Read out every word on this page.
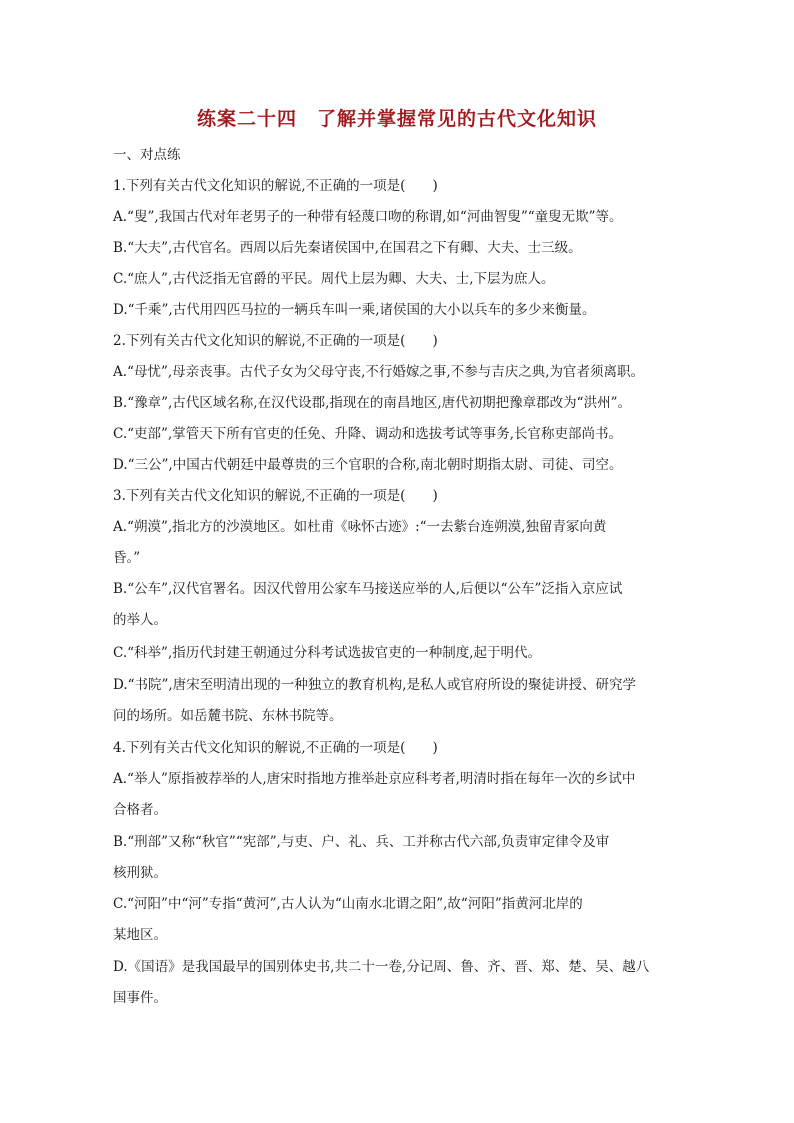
练案二十四　了解并掌握常见的古代文化知识
一、对点练
1.下列有关古代文化知识的解说,不正确的一项是(　　)
A.“叟”,我国古代对年老男子的一种带有轻蔑口吻的称谓,如“河曲智叟”“童叟无欺”等。
B.“大夫”,古代官名。西周以后先秦诸侯国中,在国君之下有卿、大夫、士三级。
C.“庶人”,古代泛指无官爵的平民。周代上层为卿、大夫、士,下层为庶人。
D.“千乘”,古代用四匹马拉的一辆兵车叫一乘,诸侯国的大小以兵车的多少来衡量。
2.下列有关古代文化知识的解说,不正确的一项是(　　)
A.“母忧”,母亲丧事。古代子女为父母守丧,不行婚嫁之事,不参与吉庆之典,为官者须离职。
B.“豫章”,古代区域名称,在汉代设郡,指现在的南昌地区,唐代初期把豫章郡改为“洪州”。
C.“吏部”,掌管天下所有官吏的任免、升降、调动和选拔考试等事务,长官称吏部尚书。
D.“三公”,中国古代朝廷中最尊贵的三个官职的合称,南北朝时期指太尉、司徒、司空。
3.下列有关古代文化知识的解说,不正确的一项是(　　)
A.“朔漠”,指北方的沙漠地区。如杜甫《咏怀古迹》:“一去紫台连朔漠,独留青冢向黄
昏。”
B.“公车”,汉代官署名。因汉代曾用公家车马接送应举的人,后便以“公车”泛指入京应试
的举人。
C.“科举”,指历代封建王朝通过分科考试选拔官吏的一种制度,起于明代。
D.“书院”,唐宋至明清出现的一种独立的教育机构,是私人或官府所设的聚徒讲授、研究学
问的场所。如岳麓书院、东林书院等。
4.下列有关古代文化知识的解说,不正确的一项是(　　)
A.“举人”原指被荐举的人,唐宋时指地方推举赴京应科考者,明清时指在每年一次的乡试中
合格者。
B.“刑部”又称“秋官”“宪部”,与吏、户、礼、兵、工并称古代六部,负责审定律令及审
核刑狱。
C.“河阳”中“河”专指“黄河”,古人认为“山南水北谓之阳”,故“河阳”指黄河北岸的
某地区。
D.《国语》是我国最早的国别体史书,共二十一卷,分记周、鲁、齐、晋、郑、楚、吴、越八
国事件。
